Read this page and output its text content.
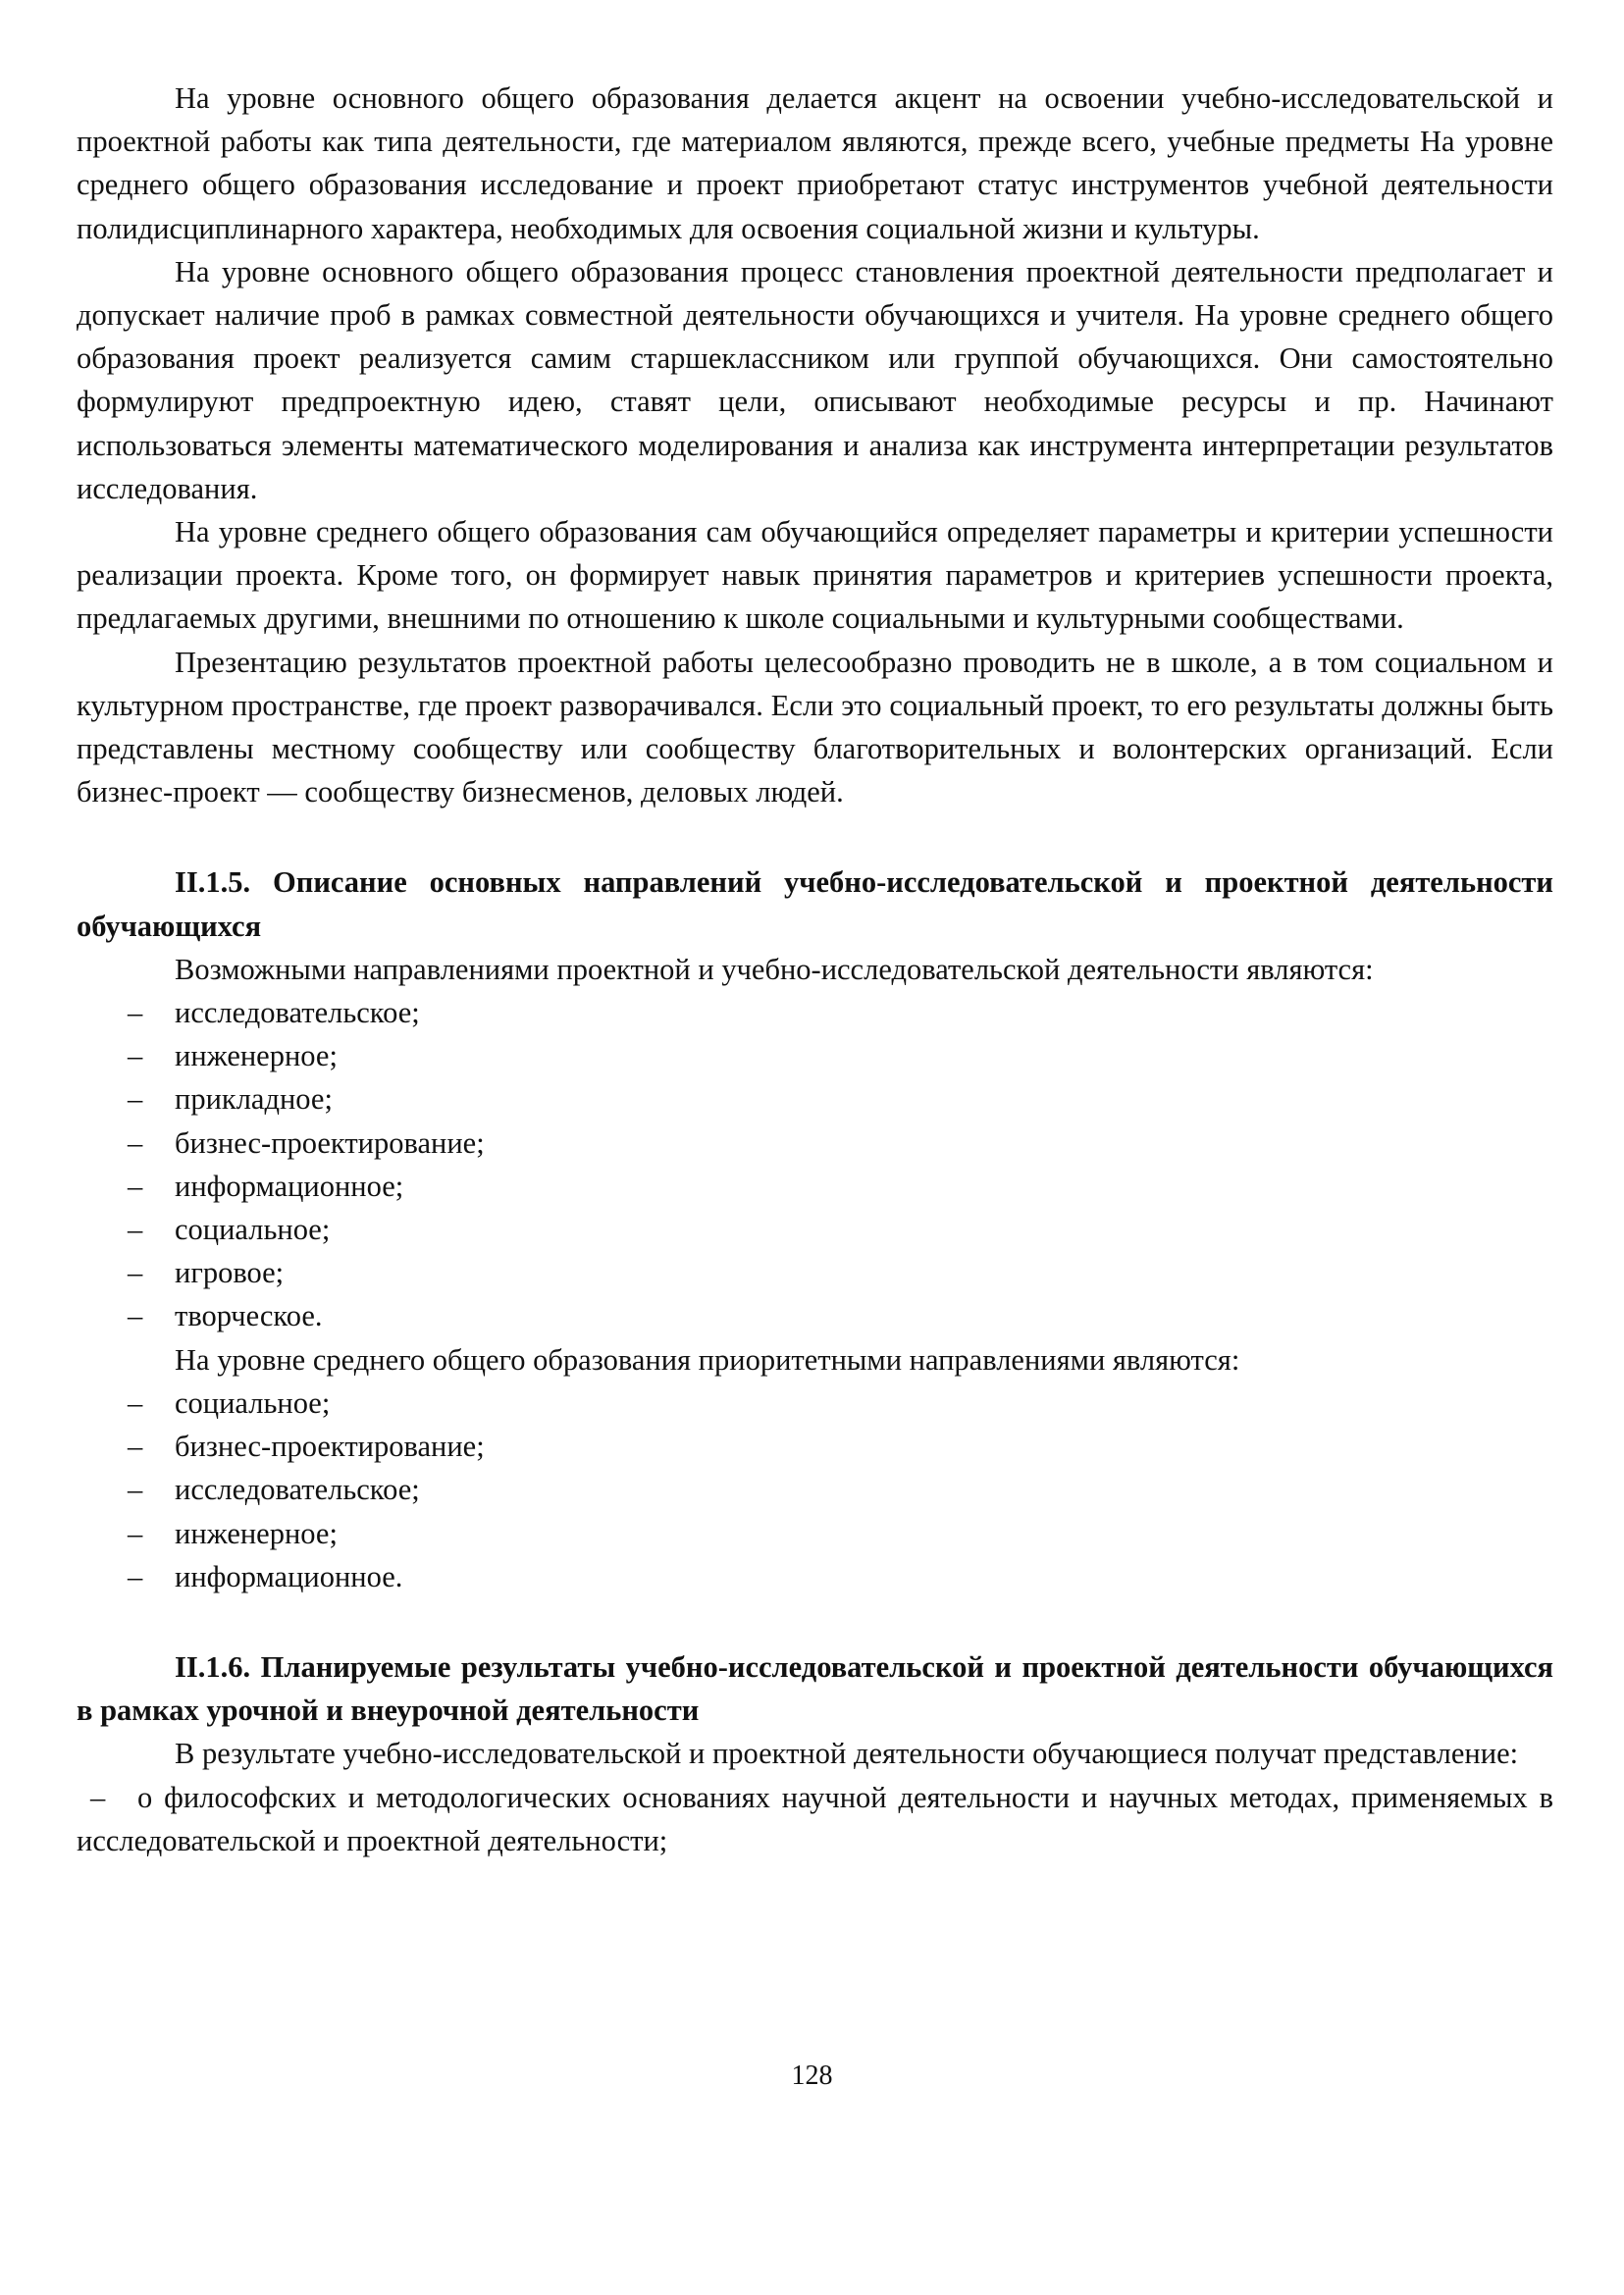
На уровне основного общего образования делается акцент на освоении учебно-исследовательской и проектной работы как типа деятельности, где материалом являются, прежде всего, учебные предметы На уровне среднего общего образования исследование и проект приобретают статус инструментов учебной деятельности полидисциплинарного характера, необходимых для освоения социальной жизни и культуры.

На уровне основного общего образования процесс становления проектной деятельности предполагает и допускает наличие проб в рамках совместной деятельности обучающихся и учителя. На уровне среднего общего образования проект реализуется самим старшеклассником или группой обучающихся. Они самостоятельно формулируют предпроектную идею, ставят цели, описывают необходимые ресурсы и пр. Начинают использоваться элементы математического моделирования и анализа как инструмента интерпретации результатов исследования.

На уровне среднего общего образования сам обучающийся определяет параметры и критерии успешности реализации проекта. Кроме того, он формирует навык принятия параметров и критериев успешности проекта, предлагаемых другими, внешними по отношению к школе социальными и культурными сообществами.

Презентацию результатов проектной работы целесообразно проводить не в школе, а в том социальном и культурном пространстве, где проект разворачивался. Если это социальный проект, то его результаты должны быть представлены местному сообществу или сообществу благотворительных и волонтерских организаций. Если бизнес-проект — сообществу бизнесменов, деловых людей.

II.1.5. Описание основных направлений учебно-исследовательской и проектной деятельности обучающихся

Возможными направлениями проектной и учебно-исследовательской деятельности являются:

– исследовательское;
– инженерное;
– прикладное;
– бизнес-проектирование;
– информационное;
– социальное;
– игровое;
– творческое.

На уровне среднего общего образования приоритетными направлениями являются:

– социальное;
– бизнес-проектирование;
– исследовательское;
– инженерное;
– информационное.

II.1.6. Планируемые результаты учебно-исследовательской и проектной деятельности обучающихся в рамках урочной и внеурочной деятельности

В результате учебно-исследовательской и проектной деятельности обучающиеся получат представление:

– о философских и методологических основаниях научной деятельности и научных методах, применяемых в исследовательской и проектной деятельности;

128
